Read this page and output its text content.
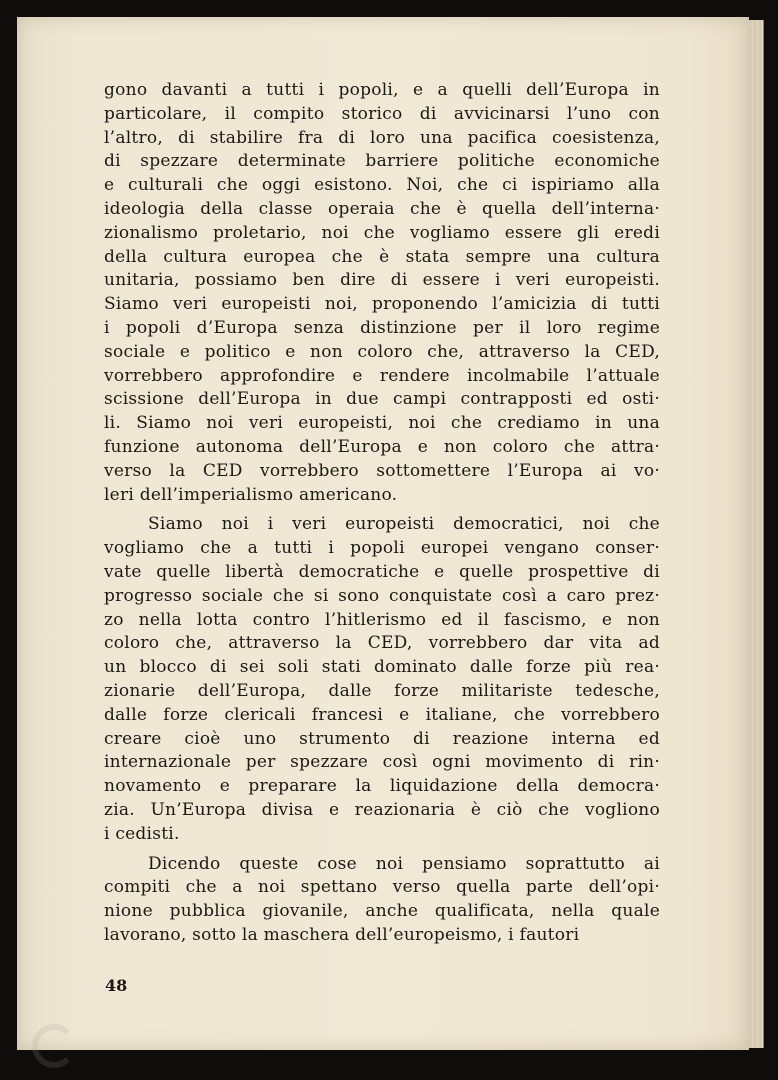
gono davanti a tutti i popoli, e a quelli dell’Europa in
particolare, il compito storico di avvicinarsi l’uno con
l’altro, di stabilire fra di loro una pacifica coesistenza,
di spezzare determinate barriere politiche economiche
e culturali che oggi esistono. Noi, che ci ispiriamo alla
ideologia della classe operaia che è quella dell’interna·
zionalismo proletario, noi che vogliamo essere gli eredi
della cultura europea che è stata sempre una cultura
unitaria, possiamo ben dire di essere i veri europeisti.
Siamo veri europeisti noi, proponendo l’amicizia di tutti
i popoli d’Europa senza distinzione per il loro regime
sociale e politico e non coloro che, attraverso la CED,
vorrebbero approfondire e rendere incolmabile l’attuale
scissione dell’Europa in due campi contrapposti ed osti·
li. Siamo noi veri europeisti, noi che crediamo in una
funzione autonoma dell’Europa e non coloro che attra·
verso la CED vorrebbero sottomettere l’Europa ai vo·
leri dell’imperialismo americano.
Siamo noi i veri europeisti democratici, noi che
vogliamo che a tutti i popoli europei vengano conser·
vate quelle libertà democratiche e quelle prospettive di
progresso sociale che si sono conquistate così a caro prez·
zo nella lotta contro l’hitlerismo ed il fascismo, e non
coloro che, attraverso la CED, vorrebbero dar vita ad
un blocco di sei soli stati dominato dalle forze più rea·
zionarie dell’Europa, dalle forze militariste tedesche,
dalle forze clericali francesi e italiane, che vorrebbero
creare cioè uno strumento di reazione interna ed
internazionale per spezzare così ogni movimento di rin·
novamento e preparare la liquidazione della democra·
zia. Un’Europa divisa e reazionaria è ciò che vogliono
i cedisti.
Dicendo queste cose noi pensiamo soprattutto ai
compiti che a noi spettano verso quella parte dell’opi·
nione pubblica giovanile, anche qualificata, nella quale
lavorano, sotto la maschera dell’europeismo, i fautori
48
